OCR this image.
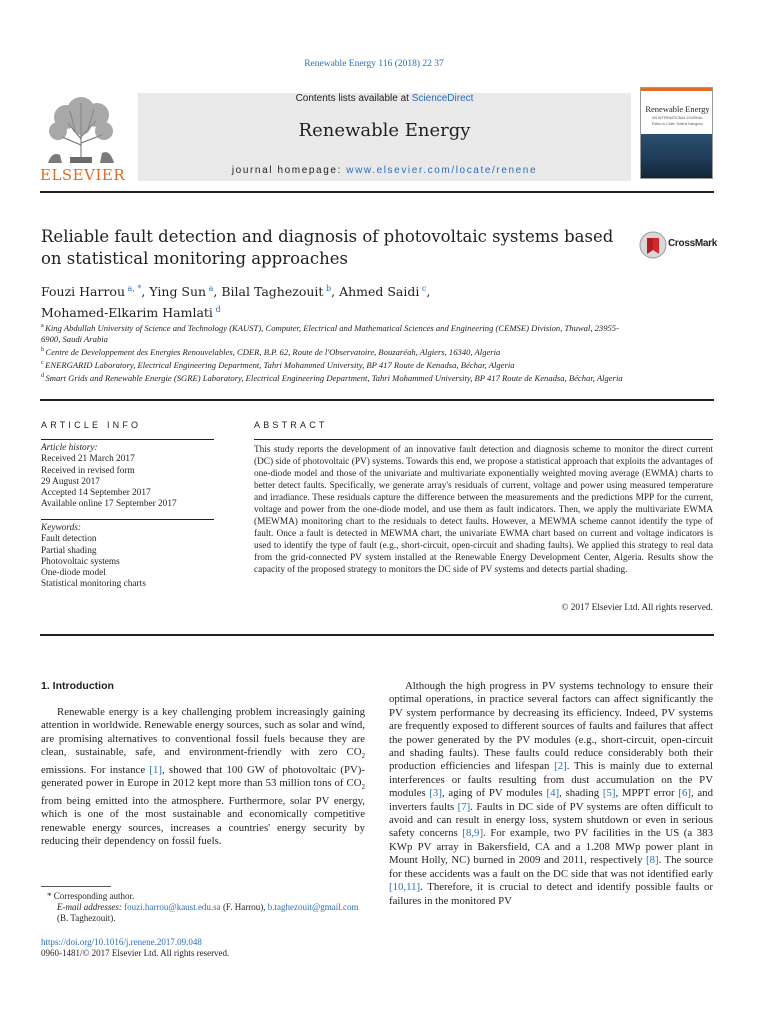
Renewable Energy 116 (2018) 22 37
ELSEVIER
Contents lists available at ScienceDirect
Renewable Energy
journal homepage: www.elsevier.com/locate/renene
Renewable Energy
AN INTERNATIONAL JOURNAL
Editor-in-Chief: Soteris Kalogirou
Reliable fault detection and diagnosis of photovoltaic systems based on statistical monitoring approaches
CrossMark
Fouzi Harrou $^{a, *}$, Ying Sun $^a$, Bilal Taghezouit $^b$, Ahmed Saidi $^c$,
Mohamed-Elkarim Hamlati $^d$
$^a$ King Abdullah University of Science and Technology (KAUST), Computer, Electrical and Mathematical Sciences and Engineering (CEMSE) Division, Thuwal, 23955-6900, Saudi Arabia
$^b$ Centre de Developpement des Energies Renouvelables, CDER, B.P. 62, Route de l'Observatoire, Bouzaréah, Algiers, 16340, Algeria
$^c$ ENERGARID Laboratory, Electrical Engineering Department, Tahri Mohammed University, BP 417 Route de Kenadsa, Béchar, Algeria
$^d$ Smart Grids and Renewable Energie (SGRE) Laboratory, Electrical Engineering Department, Tahri Mohammed University, BP 417 Route de Kenadsa, Béchar, Algeria
ARTICLE INFO
Article history:
Received 21 March 2017
Received in revised form
29 August 2017
Accepted 14 September 2017
Available online 17 September 2017
Keywords:
Fault detection
Partial shading
Photovoltaic systems
One-diode model
Statistical monitoring charts
ABSTRACT
This study reports the development of an innovative fault detection and diagnosis scheme to monitor the direct current (DC) side of photovoltaic (PV) systems. Towards this end, we propose a statistical approach that exploits the advantages of one-diode model and those of the univariate and multivariate exponentially weighted moving average (EWMA) charts to better detect faults. Specifically, we generate array's residuals of current, voltage and power using measured temperature and irradiance. These residuals capture the difference between the measurements and the predictions MPP for the current, voltage and power from the one-diode model, and use them as fault indicators. Then, we apply the multivariate EWMA (MEWMA) monitoring chart to the residuals to detect faults. However, a MEWMA scheme cannot identify the type of fault. Once a fault is detected in MEWMA chart, the univariate EWMA chart based on current and voltage indicators is used to identify the type of fault (e.g., short-circuit, open-circuit and shading faults). We applied this strategy to real data from the grid-connected PV system installed at the Renewable Energy Development Center, Algeria. Results show the capacity of the proposed strategy to monitors the DC side of PV systems and detects partial shading.
© 2017 Elsevier Ltd. All rights reserved.
1. Introduction
Renewable energy is a key challenging problem increasingly gaining attention in worldwide. Renewable energy sources, such as solar and wind, are promising alternatives to conventional fossil fuels because they are clean, sustainable, safe, and environment-friendly with zero $CO_2$ emissions. For instance [1], showed that 100 GW of photovoltaic (PV)-generated power in Europe in 2012 kept more than 53 million tons of $CO_2$ from being emitted into the atmosphere. Furthermore, solar PV energy, which is one of the most sustainable and economically competitive renewable energy sources, increases a countries' energy security by reducing their dependency on fossil fuels.
Although the high progress in PV systems technology to ensure their optimal operations, in practice several factors can affect significantly the PV system performance by decreasing its efficiency. Indeed, PV systems are frequently exposed to different sources of faults and failures that affect the power generated by the PV modules (e.g., short-circuit, open-circuit and shading faults). These faults could reduce considerably both their production efficiencies and lifespan [2]. This is mainly due to external interferences or faults resulting from dust accumulation on the PV modules [3], aging of PV modules [4], shading [5], MPPT error [6], and inverters faults [7]. Faults in DC side of PV systems are often difficult to avoid and can result in energy loss, system shutdown or even in serious safety concerns [8,9]. For example, two PV facilities in the US (a 383 KWp PV array in Bakersfield, CA and a 1.208 MWp power plant in Mount Holly, NC) burned in 2009 and 2011, respectively [8]. The source for these accidents was a fault on the DC side that was not identified early [10,11]. Therefore, it is crucial to detect and identify possible faults or failures in the monitored PV
* Corresponding author.
E-mail addresses: fouzi.harrou@kaust.edu.sa (F. Harrou), b.taghezouit@gmail.com (B. Taghezouit).
https://doi.org/10.1016/j.renene.2017.09.048
0960-1481/© 2017 Elsevier Ltd. All rights reserved.
